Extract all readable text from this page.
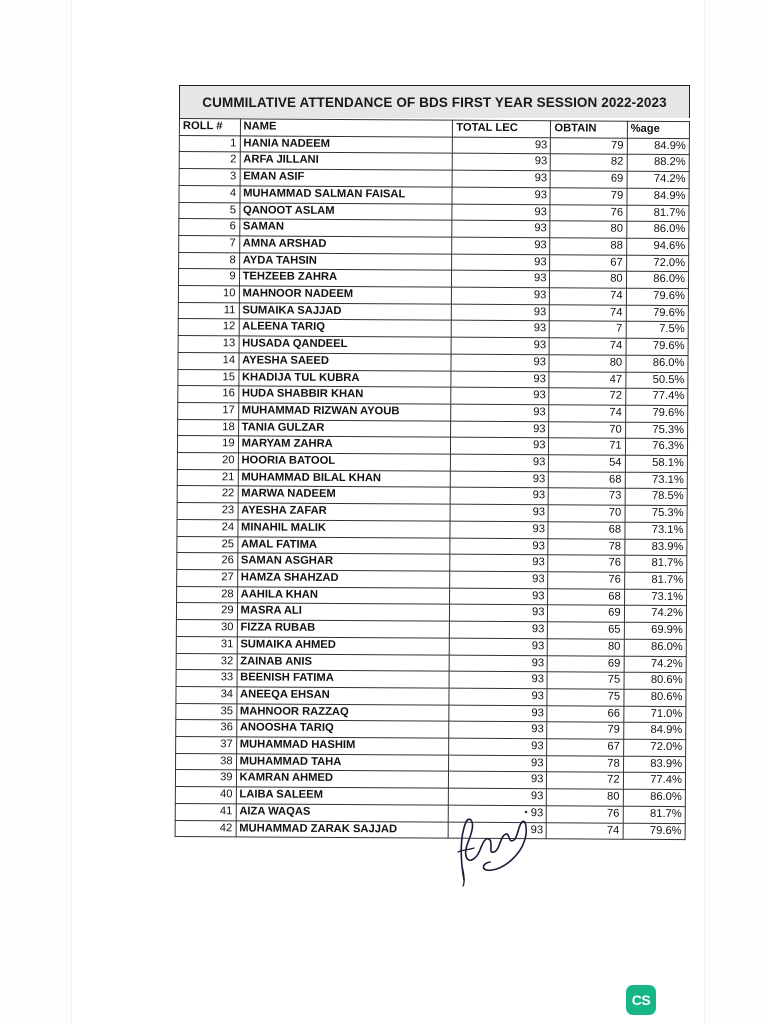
CUMMILATIVE ATTENDANCE OF BDS FIRST YEAR SESSION 2022-2023
ROLL #	NAME	TOTAL LEC	OBTAIN	%age
1	HANIA NADEEM	93	79	84.9%
2	ARFA JILLANI	93	82	88.2%
3	EMAN ASIF	93	69	74.2%
4	MUHAMMAD SALMAN FAISAL	93	79	84.9%
5	QANOOT ASLAM	93	76	81.7%
6	SAMAN	93	80	86.0%
7	AMNA ARSHAD	93	88	94.6%
8	AYDA TAHSIN	93	67	72.0%
9	TEHZEEB ZAHRA	93	80	86.0%
10	MAHNOOR NADEEM	93	74	79.6%
11	SUMAIKA SAJJAD	93	74	79.6%
12	ALEENA TARIQ	93	7	7.5%
13	HUSADA QANDEEL	93	74	79.6%
14	AYESHA SAEED	93	80	86.0%
15	KHADIJA TUL KUBRA	93	47	50.5%
16	HUDA SHABBIR KHAN	93	72	77.4%
17	MUHAMMAD RIZWAN AYOUB	93	74	79.6%
18	TANIA GULZAR	93	70	75.3%
19	MARYAM ZAHRA	93	71	76.3%
20	HOORIA BATOOL	93	54	58.1%
21	MUHAMMAD BILAL KHAN	93	68	73.1%
22	MARWA NADEEM	93	73	78.5%
23	AYESHA ZAFAR	93	70	75.3%
24	MINAHIL MALIK	93	68	73.1%
25	AMAL FATIMA	93	78	83.9%
26	SAMAN ASGHAR	93	76	81.7%
27	HAMZA SHAHZAD	93	76	81.7%
28	AAHILA KHAN	93	68	73.1%
29	MASRA ALI	93	69	74.2%
30	FIZZA RUBAB	93	65	69.9%
31	SUMAIKA AHMED	93	80	86.0%
32	ZAINAB ANIS	93	69	74.2%
33	BEENISH FATIMA	93	75	80.6%
34	ANEEQA EHSAN	93	75	80.6%
35	MAHNOOR RAZZAQ	93	66	71.0%
36	ANOOSHA TARIQ	93	79	84.9%
37	MUHAMMAD HASHIM	93	67	72.0%
38	MUHAMMAD TAHA	93	78	83.9%
39	KAMRAN AHMED	93	72	77.4%
40	LAIBA SALEEM	93	80	86.0%
41	AIZA WAQAS	93	76	81.7%
42	MUHAMMAD ZARAK SAJJAD	93	74	79.6%
CS
